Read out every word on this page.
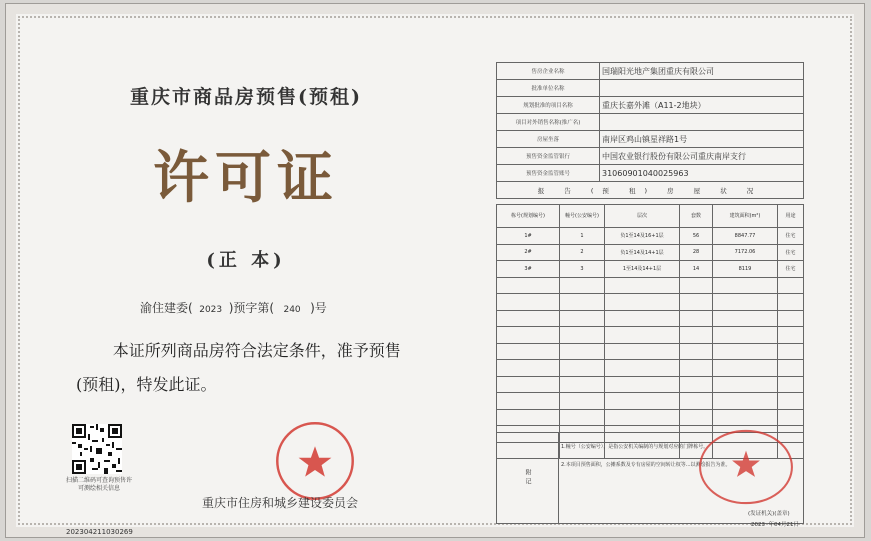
重庆市商品房预售(预租)
许可证
(正 本)
渝住建委( 2023 )预字第( 240 )号
本证所列商品房符合法定条件，准予预售(预租)，特发此证。
扫描二维码可查询预售许可测绘相关信息
2023042110302​69
重庆市住房和城乡建设委员会
售房企业名称	国瑞阳光地产集团重庆有限公司
批准单位名称	
规划批准的项目名称	重庆长嘉外滩（A11-2地块）
项目对外销售名称(推广名)	
房屋坐落	南岸区鸡山镇星祥路1号
预售资金监管银行	中国农业银行股份有限公司重庆南岸支行
预售资金监管账号	31060901040025963
报 告 (预 租) 房 屋 状 况	
栋号(规划编号)	幢号(公安编号)	层次	套数	建筑面积(m²)	用途
1#	1	负1至14及16+1层	56	8847.77	住宅
2#	2	负1至14及14+1层	28	7172.06	住宅
3#	3	1至14及14+1层	14	8119	住宅

附记
1.幢号（公安编号），是指公安机关编制的与规划对应的门牌栋号。
2.本项目预售面积，公摊系数及专有房屋的空间转让权等...以测绘报告为准。
(发证机关)(盖章)
2023  年04月21日
